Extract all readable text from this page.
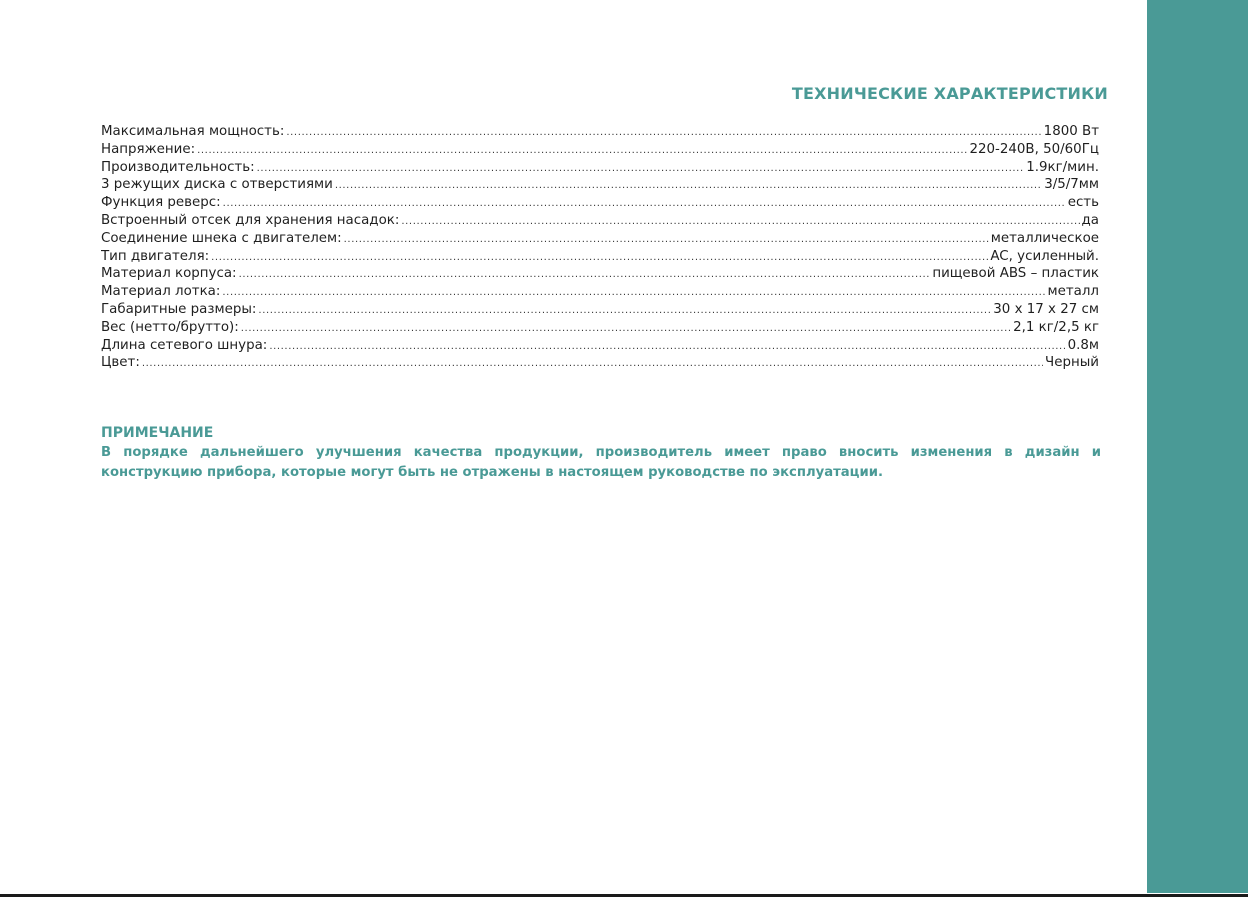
ТЕХНИЧЕСКИЕ ХАРАКТЕРИСТИКИ
Максимальная мощность: .....	1800 Вт
Напряжение: .....	220-240В, 50/60Гц
Производительность: .....	1.9кг/мин.
3 режущих диска с отверстиями .....	3/5/7мм
Функция реверс: .....	есть
Встроенный отсек для хранения насадок: .....	да
Соединение шнека с двигателем: .....	металлическое
Тип двигателя: .....	AC, усиленный.
Материал корпуса: .....	пищевой ABS – пластик
Материал лотка: .....	металл
Габаритные размеры: .....	30 х 17 х 27 см
Вес (нетто/брутто): .....	2,1 кг/2,5 кг
Длина сетевого шнура: .....	0.8м
Цвет: .....	Черный
ПРИМЕЧАНИЕ
В порядке дальнейшего улучшения качества продукции, производитель имеет право вносить изменения в дизайн и конструкцию прибора, которые могут быть не отражены в настоящем руководстве по эксплуатации.
